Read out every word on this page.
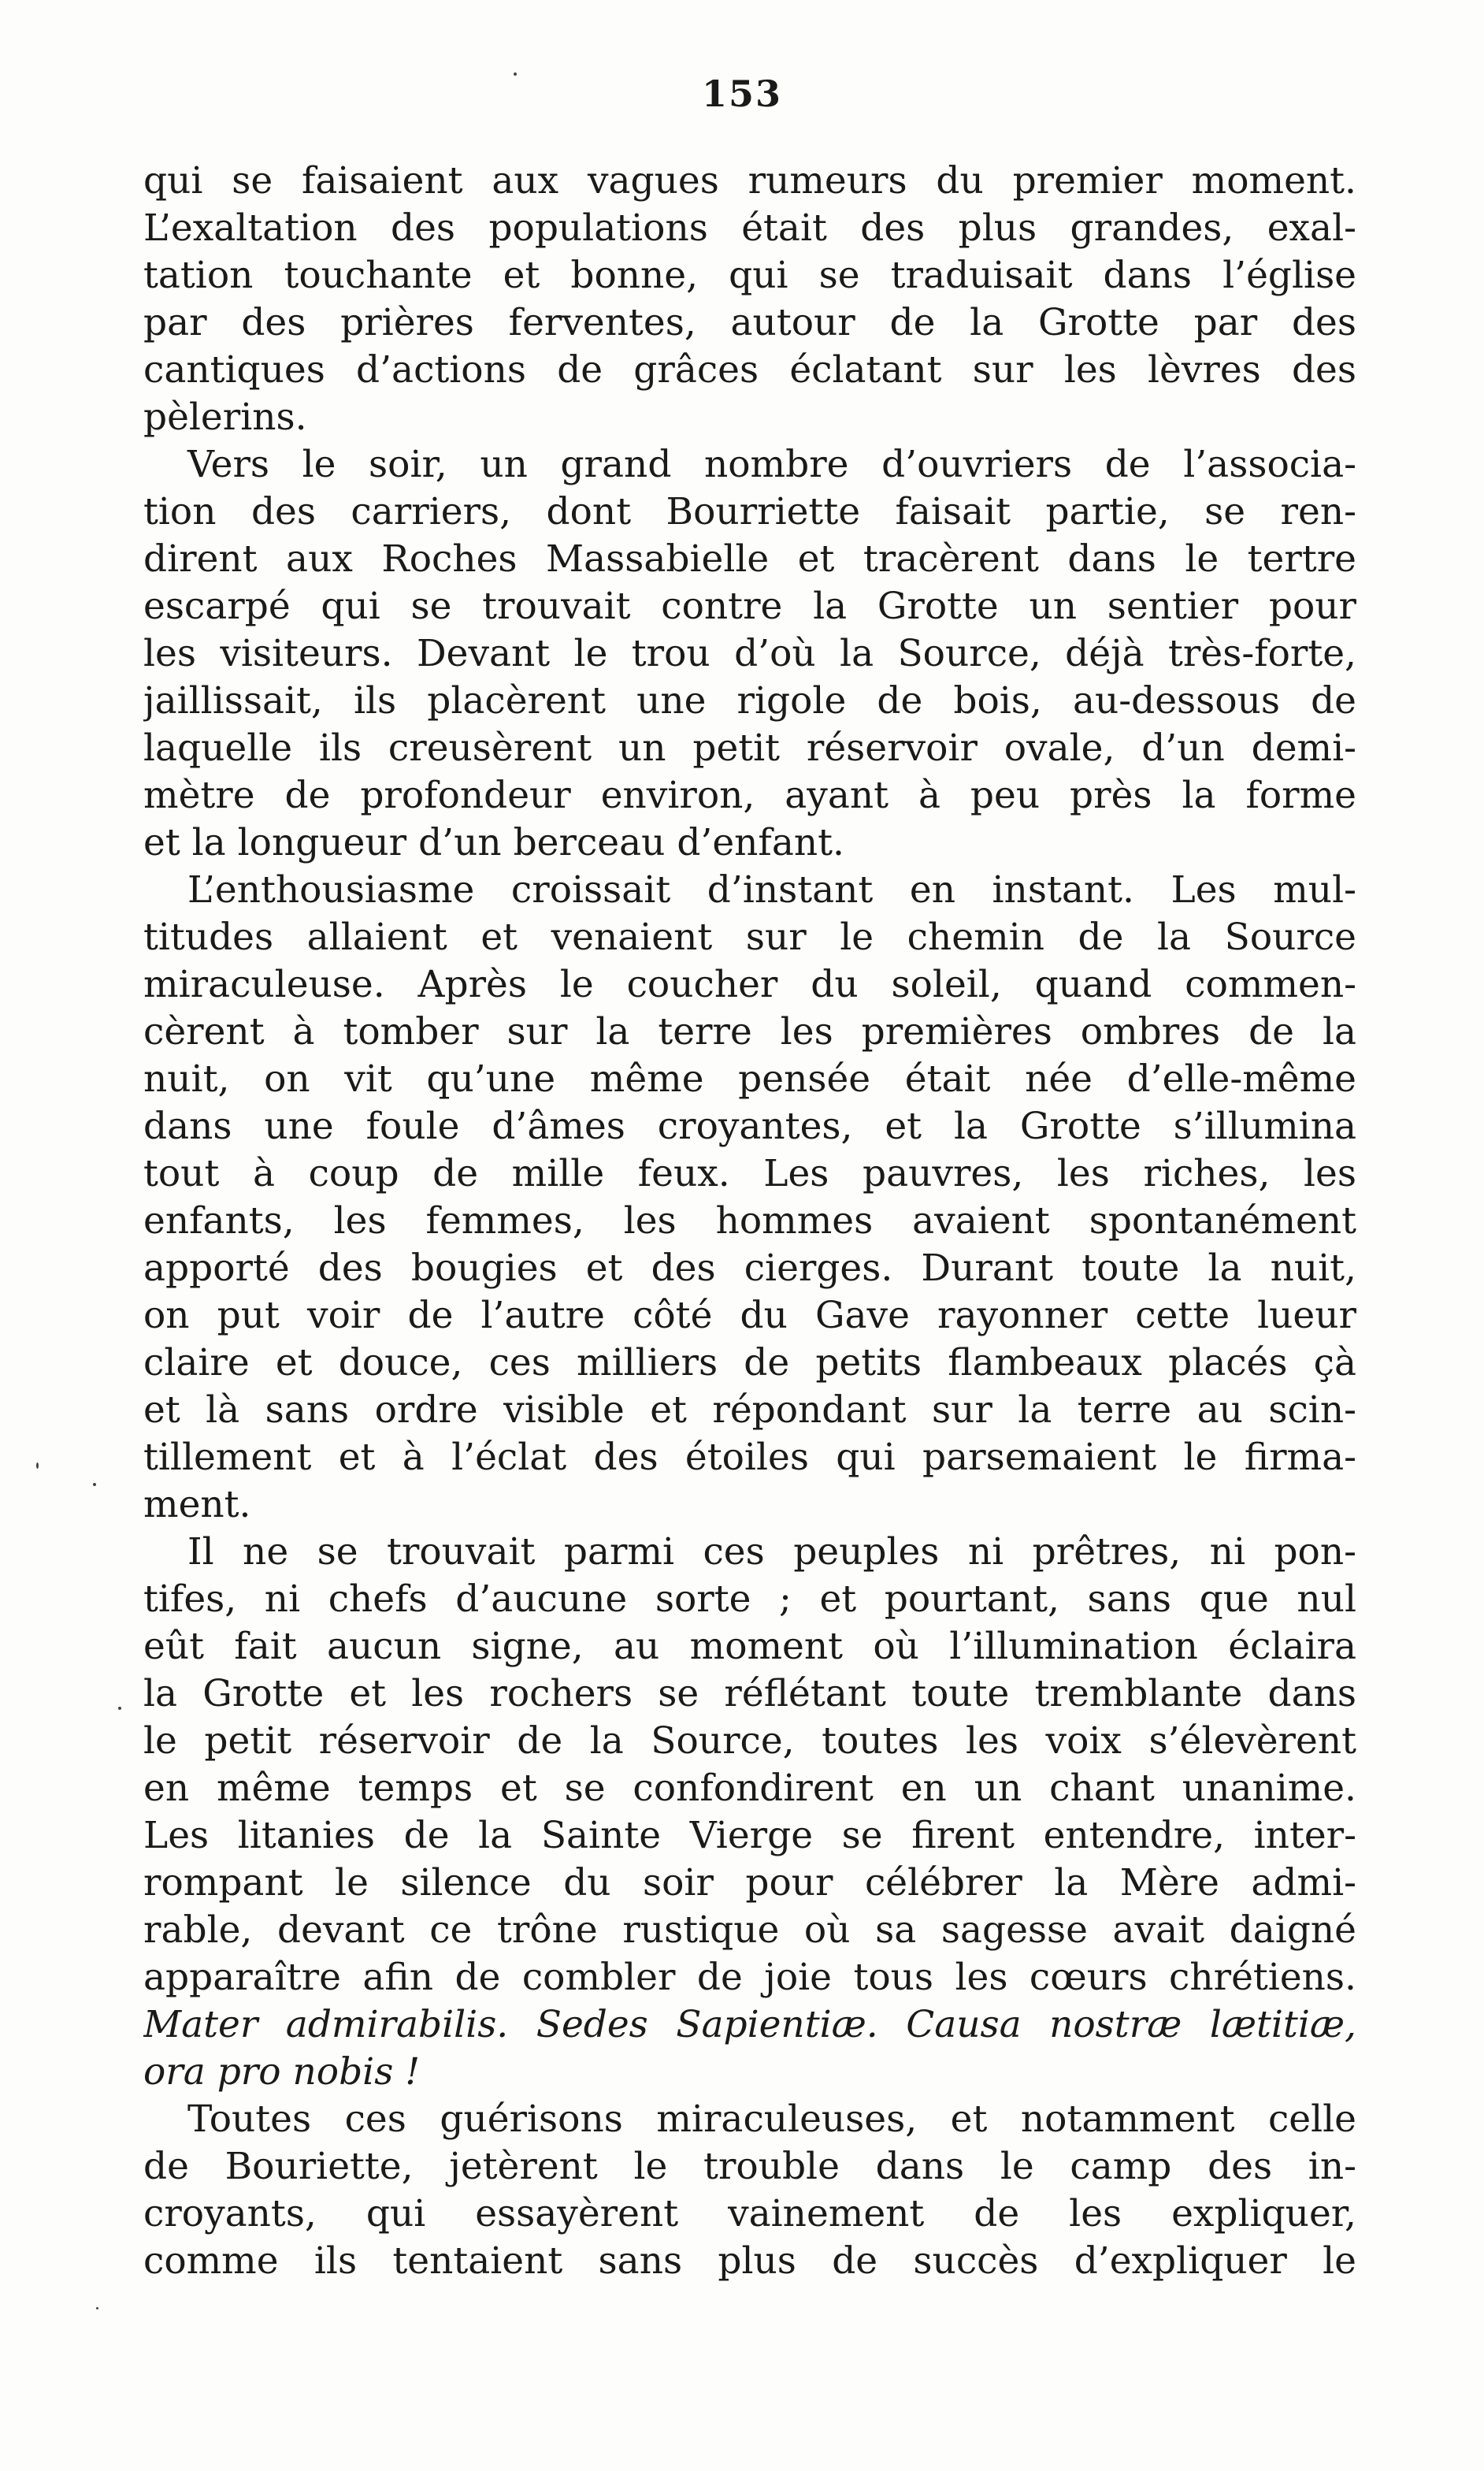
153
qui se faisaient aux vagues rumeurs du premier moment.
L’exaltation des populations était des plus grandes, exal-
tation touchante et bonne, qui se traduisait dans l’église
par des prières ferventes, autour de la Grotte par des
cantiques d’actions de grâces éclatant sur les lèvres des
pèlerins.
Vers le soir, un grand nombre d’ouvriers de l’associa-
tion des carriers, dont Bourriette faisait partie, se ren-
dirent aux Roches Massabielle et tracèrent dans le tertre
escarpé qui se trouvait contre la Grotte un sentier pour
les visiteurs. Devant le trou d’où la Source, déjà très-forte,
jaillissait, ils placèrent une rigole de bois, au-dessous de
laquelle ils creusèrent un petit réservoir ovale, d’un demi-
mètre de profondeur environ, ayant à peu près la forme
et la longueur d’un berceau d’enfant.
L’enthousiasme croissait d’instant en instant. Les mul-
titudes allaient et venaient sur le chemin de la Source
miraculeuse. Après le coucher du soleil, quand commen-
cèrent à tomber sur la terre les premières ombres de la
nuit, on vit qu’une même pensée était née d’elle-même
dans une foule d’âmes croyantes, et la Grotte s’illumina
tout à coup de mille feux. Les pauvres, les riches, les
enfants, les femmes, les hommes avaient spontanément
apporté des bougies et des cierges. Durant toute la nuit,
on put voir de l’autre côté du Gave rayonner cette lueur
claire et douce, ces milliers de petits flambeaux placés çà
et là sans ordre visible et répondant sur la terre au scin-
tillement et à l’éclat des étoiles qui parsemaient le firma-
ment.
Il ne se trouvait parmi ces peuples ni prêtres, ni pon-
tifes, ni chefs d’aucune sorte ; et pourtant, sans que nul
eût fait aucun signe, au moment où l’illumination éclaira
la Grotte et les rochers se réflétant toute tremblante dans
le petit réservoir de la Source, toutes les voix s’élevèrent
en même temps et se confondirent en un chant unanime.
Les litanies de la Sainte Vierge se firent entendre, inter-
rompant le silence du soir pour célébrer la Mère admi-
rable, devant ce trône rustique où sa sagesse avait daigné
apparaître afin de combler de joie tous les cœurs chrétiens.
Mater admirabilis. Sedes Sapientiæ. Causa nostræ lætitiæ,
ora pro nobis !
Toutes ces guérisons miraculeuses, et notamment celle
de Bouriette, jetèrent le trouble dans le camp des in-
croyants, qui essayèrent vainement de les expliquer,
comme ils tentaient sans plus de succès d’expliquer le
